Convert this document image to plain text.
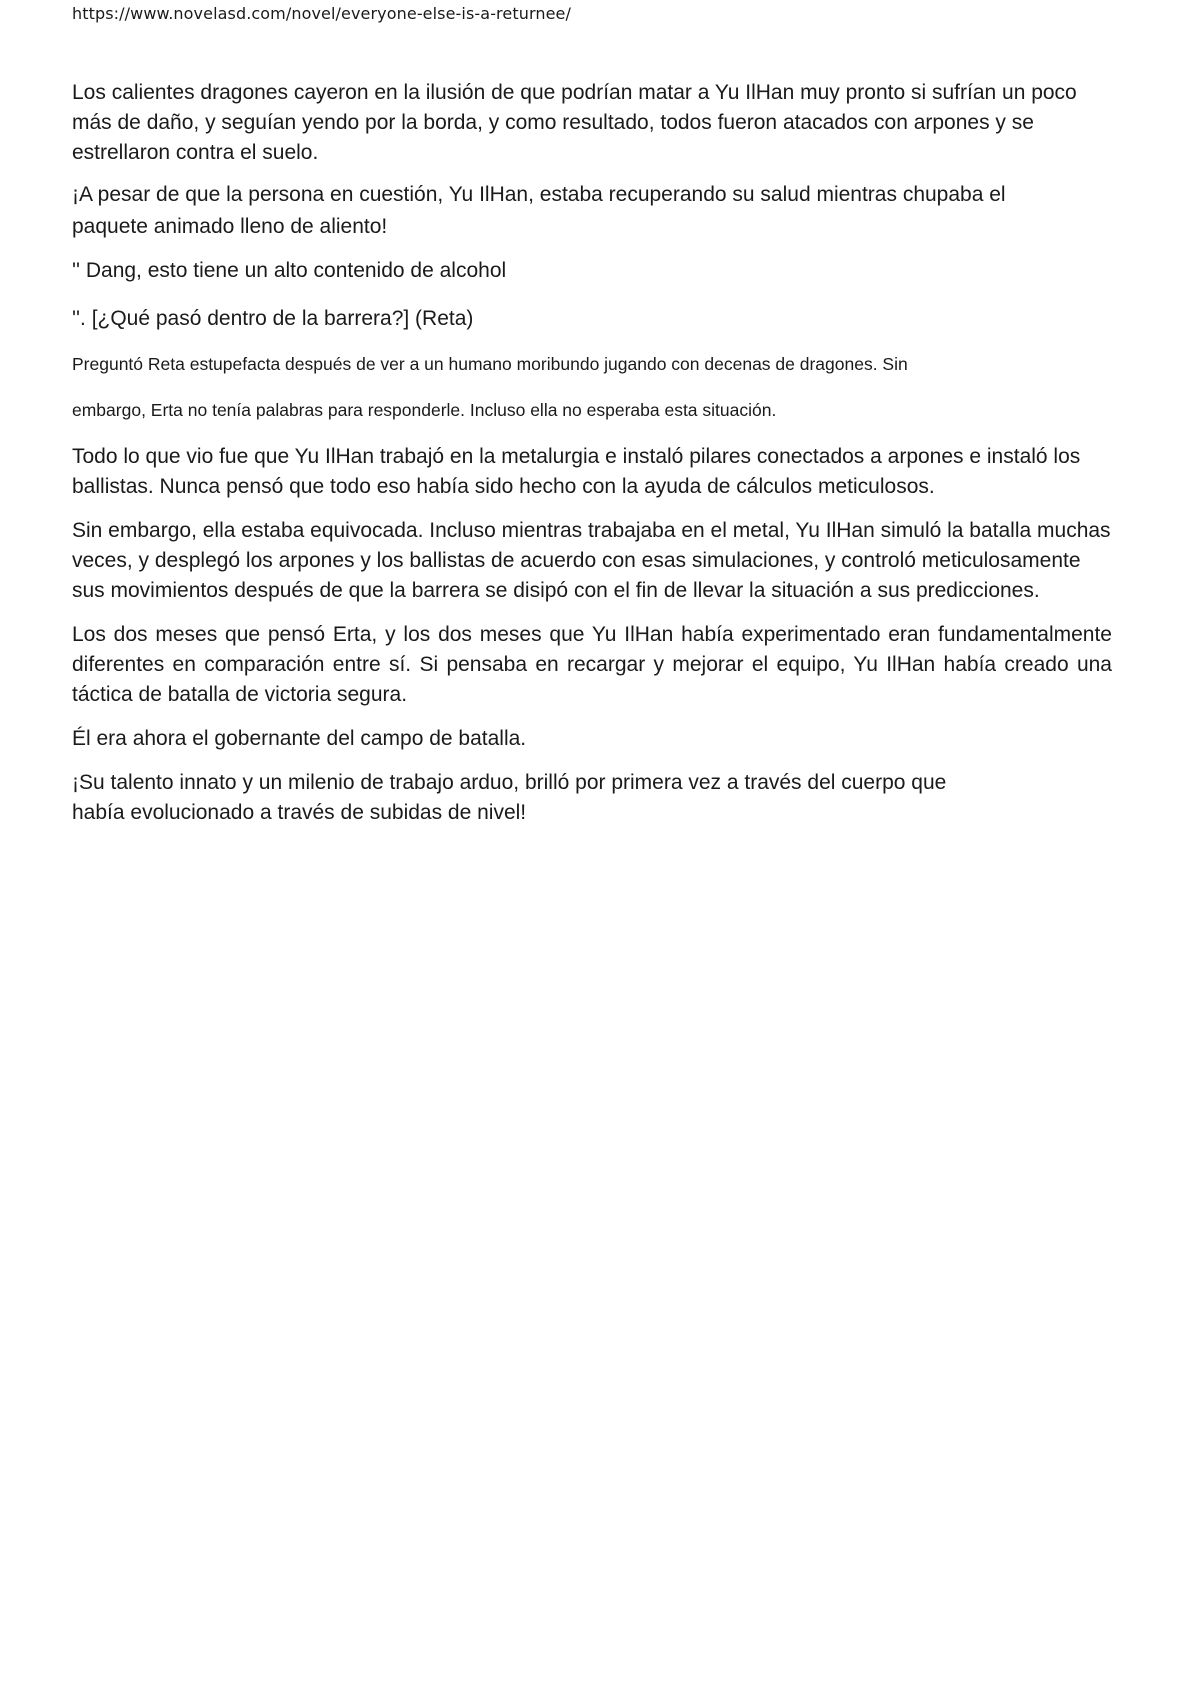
https://www.novelasd.com/novel/everyone-else-is-a-returnee/

Los calientes dragones cayeron en la ilusión de que podrían matar a Yu IlHan muy pronto si sufrían un poco más de daño, y seguían yendo por la borda, y como resultado, todos fueron atacados con arpones y se estrellaron contra el suelo.

¡A pesar de que la persona en cuestión, Yu IlHan, estaba recuperando su salud mientras chupaba el

paquete animado lleno de aliento!

'' Dang, esto tiene un alto contenido de alcohol

''. [¿Qué pasó dentro de la barrera?] (Reta)

Preguntó Reta estupefacta después de ver a un humano moribundo jugando con decenas de dragones. Sin

embargo, Erta no tenía palabras para responderle. Incluso ella no esperaba esta situación.

Todo lo que vio fue que Yu IlHan trabajó en la metalurgia e instaló pilares conectados a arpones e instaló los ballistas. Nunca pensó que todo eso había sido hecho con la ayuda de cálculos meticulosos.

Sin embargo, ella estaba equivocada. Incluso mientras trabajaba en el metal, Yu IlHan simuló la batalla muchas veces, y desplegó los arpones y los ballistas de acuerdo con esas simulaciones, y controló meticulosamente sus movimientos después de que la barrera se disipó con el fin de llevar la situación a sus predicciones.

Los dos meses que pensó Erta, y los dos meses que Yu IlHan había experimentado eran fundamentalmente diferentes en comparación entre sí. Si pensaba en recargar y mejorar el equipo, Yu IlHan había creado una táctica de batalla de victoria segura.

Él era ahora el gobernante del campo de batalla.

¡Su talento innato y un milenio de trabajo arduo, brilló por primera vez a través del cuerpo que

había evolucionado a través de subidas de nivel!
